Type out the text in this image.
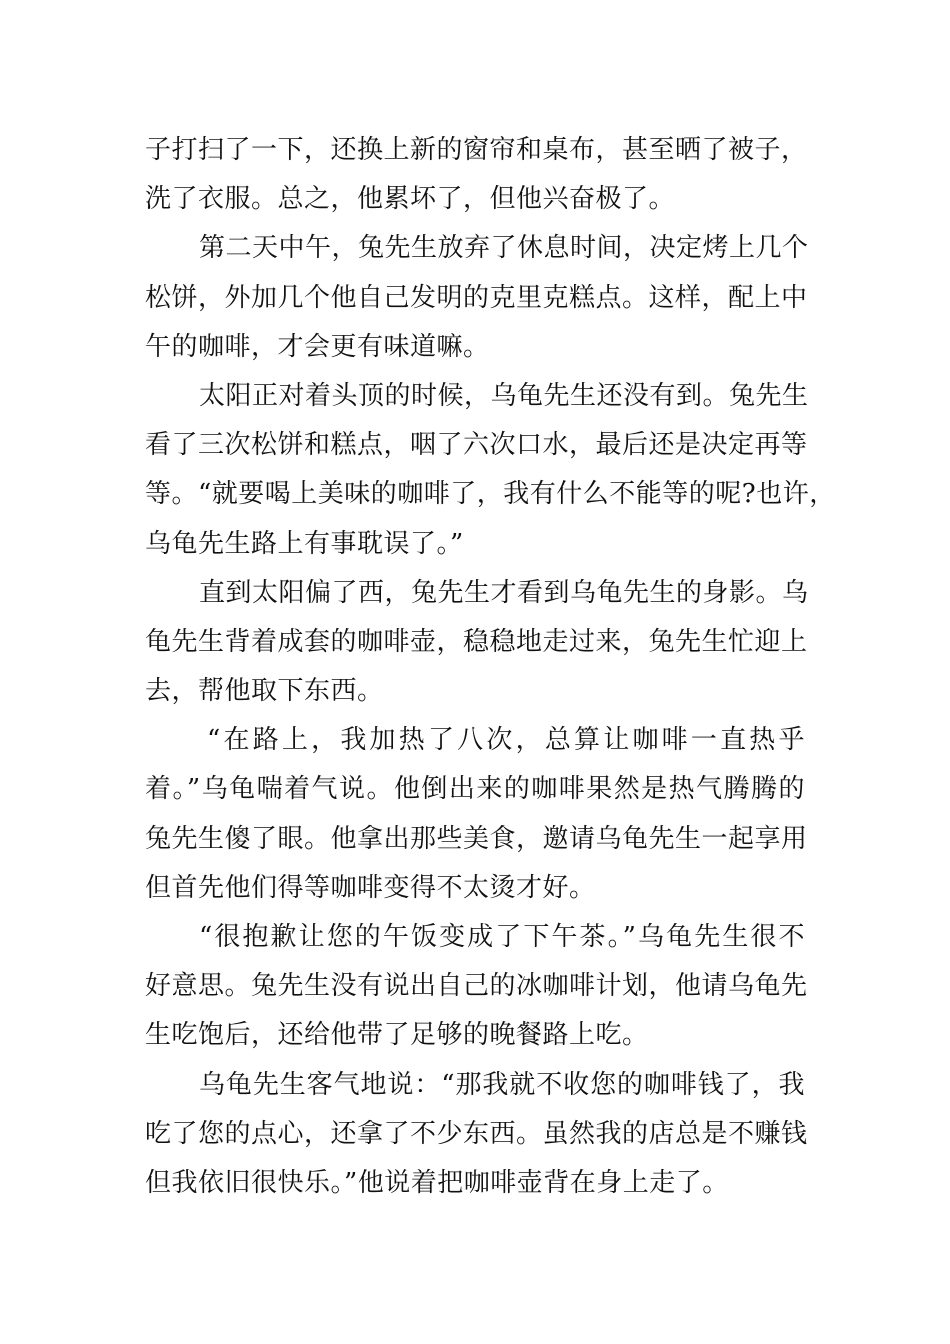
子打扫了一下，还换上新的窗帘和桌布，甚至晒了被子，
洗了衣服。总之，他累坏了，但他兴奋极了。
第二天中午，兔先生放弃了休息时间，决定烤上几个
松饼，外加几个他自己发明的克里克糕点。这样，配上中
午的咖啡，才会更有味道嘛。
太阳正对着头顶的时候，乌龟先生还没有到。兔先生
看了三次松饼和糕点，咽了六次口水，最后还是决定再等
等。“就要喝上美味的咖啡了，我有什么不能等的呢?也许，
乌龟先生路上有事耽误了。”
直到太阳偏了西，兔先生才看到乌龟先生的身影。乌
龟先生背着成套的咖啡壶，稳稳地走过来，兔先生忙迎上
去，帮他取下东西。
“在路上，我加热了八次，总算让咖啡一直热乎
着。”乌龟喘着气说。他倒出来的咖啡果然是热气腾腾的
兔先生傻了眼。他拿出那些美食，邀请乌龟先生一起享用
但首先他们得等咖啡变得不太烫才好。
“很抱歉让您的午饭变成了下午茶。”乌龟先生很不
好意思。兔先生没有说出自己的冰咖啡计划，他请乌龟先
生吃饱后，还给他带了足够的晚餐路上吃。
乌龟先生客气地说：“那我就不收您的咖啡钱了，我
吃了您的点心，还拿了不少东西。虽然我的店总是不赚钱
但我依旧很快乐。”他说着把咖啡壶背在身上走了。
